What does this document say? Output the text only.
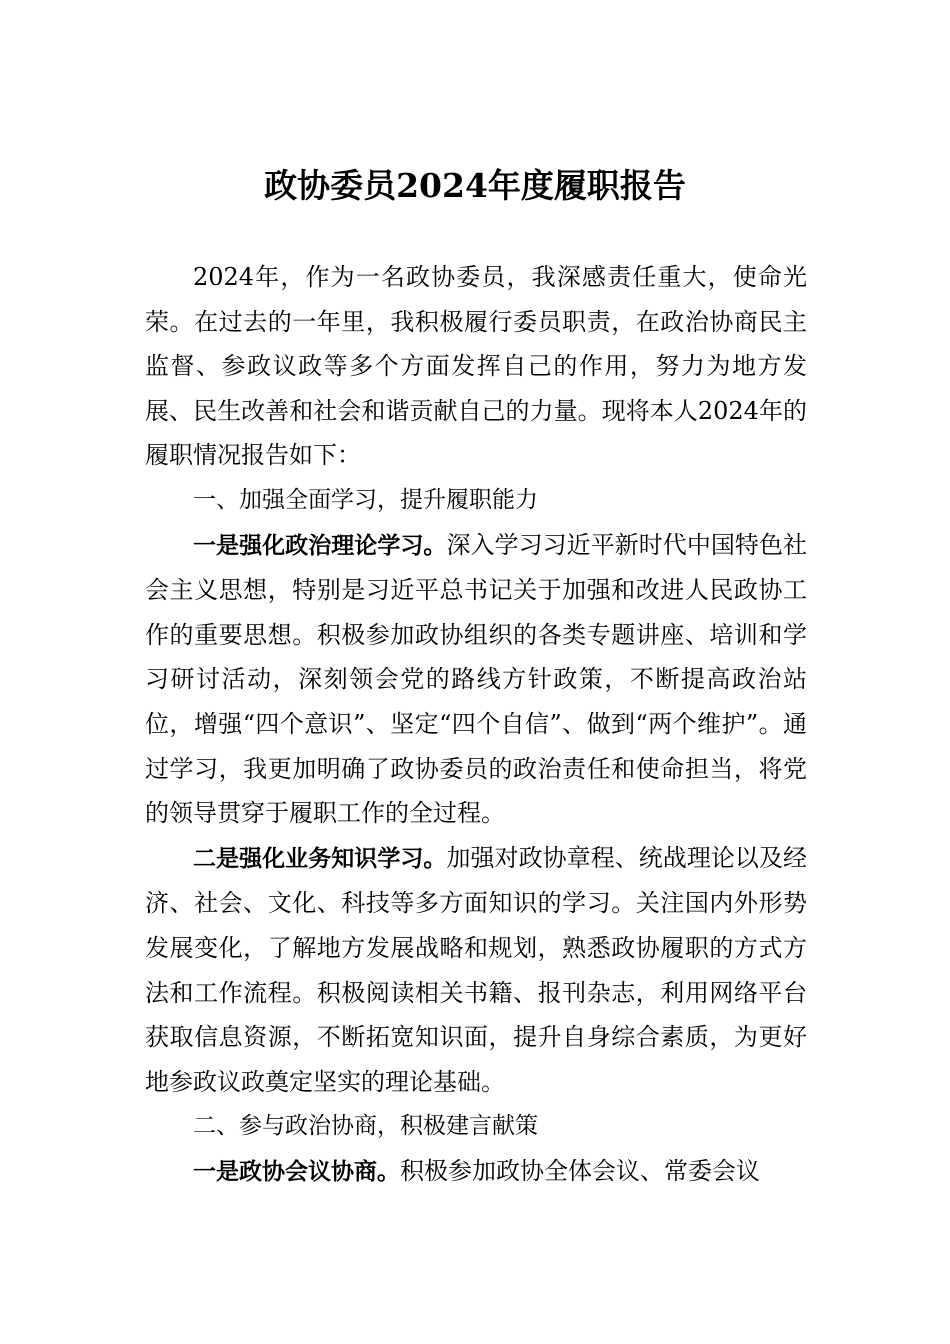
政协委员2024年度履职报告

2024年，作为一名政协委员，我深感责任重大，使命光荣。在过去的一年里，我积极履行委员职责，在政治协商民主监督、参政议政等多个方面发挥自己的作用，努力为地方发展、民生改善和社会和谐贡献自己的力量。现将本人2024年的履职情况报告如下：

一、加强全面学习，提升履职能力

一是强化政治理论学习。深入学习习近平新时代中国特色社会主义思想，特别是习近平总书记关于加强和改进人民政协工作的重要思想。积极参加政协组织的各类专题讲座、培训和学习研讨活动，深刻领会党的路线方针政策，不断提高政治站位，增强“四个意识”、坚定“四个自信”、做到“两个维护”。通过学习，我更加明确了政协委员的政治责任和使命担当，将党的领导贯穿于履职工作的全过程。

二是强化业务知识学习。加强对政协章程、统战理论以及经济、社会、文化、科技等多方面知识的学习。关注国内外形势发展变化，了解地方发展战略和规划，熟悉政协履职的方式方法和工作流程。积极阅读相关书籍、报刊杂志，利用网络平台获取信息资源，不断拓宽知识面，提升自身综合素质，为更好地参政议政奠定坚实的理论基础。

二、参与政治协商，积极建言献策

一是政协会议协商。积极参加政协全体会议、常委会议
